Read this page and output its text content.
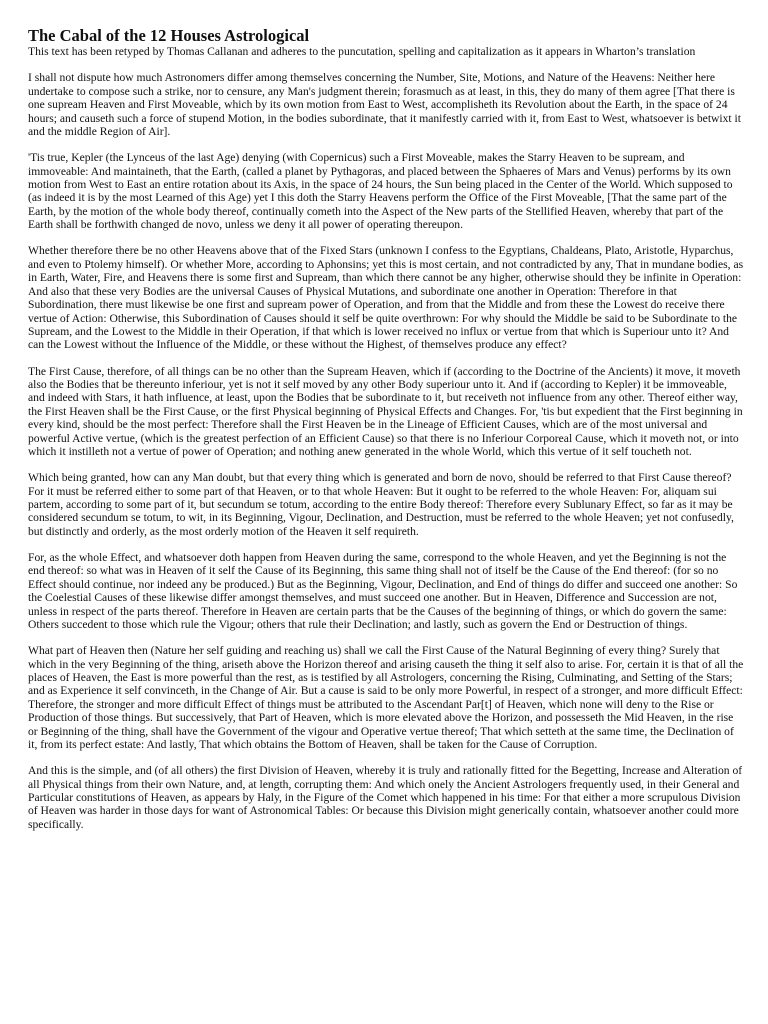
The Cabal of the 12 Houses Astrological

This text has been retyped by Thomas Callanan and adheres to the puncutation, spelling and capitalization as it appears in Wharton’s translation

I shall not dispute how much Astronomers differ among themselves concerning the Number, Site, Motions, and Nature of the Heavens: Neither here undertake to compose such a strike, nor to censure, any Man's judgment therein; forasmuch as at least, in this, they do many of them agree [That there is one supream Heaven and First Moveable, which by its own motion from East to West, accomplisheth its Revolution about the Earth, in the space of 24 hours; and causeth such a force of stupend Motion, in the bodies subordinate, that it manifestly carried with it, from East to West, whatsoever is betwixt it and the middle Region of Air].

'Tis true, Kepler (the Lynceus of the last Age) denying (with Copernicus) such a First Moveable, makes the Starry Heaven to be supream, and immoveable: And maintaineth, that the Earth, (called a planet by Pythagoras, and placed between the Sphaeres of Mars and Venus) performs by its own motion from West to East an entire rotation about its Axis, in the space of 24 hours, the Sun being placed in the Center of the World. Which supposed to (as indeed it is by the most Learned of this Age) yet I this doth the Starry Heavens perform the Office of the First Moveable, [That the same part of the Earth, by the motion of the whole body thereof, continually cometh into the Aspect of the New parts of the Stellified Heaven, whereby that part of the Earth shall be forthwith changed de novo, unless we deny it all power of operating thereupon.

Whether therefore there be no other Heavens above that of the Fixed Stars (unknown I confess to the Egyptians, Chaldeans, Plato, Aristotle, Hyparchus, and even to Ptolemy himself). Or whether More, according to Aphonsins; yet this is most certain, and not contradicted by any, That in mundane bodies, as in Earth, Water, Fire, and Heavens there is some first and Supream, than which there cannot be any higher, otherwise should they be infinite in Operation: And also that these very Bodies are the universal Causes of Physical Mutations, and subordinate one another in Operation: Therefore in that Subordination, there must likewise be one first and supream power of Operation, and from that the Middle and from these the Lowest do receive there vertue of Action: Otherwise, this Subordination of Causes should it self be quite overthrown: For why should the Middle be said to be Subordinate to the Supream, and the Lowest to the Middle in their Operation, if that which is lower received no influx or vertue from that which is Superiour unto it? And can the Lowest without the Influence of the Middle, or these without the Highest, of themselves produce any effect?

The First Cause, therefore, of all things can be no other than the Supream Heaven, which if (according to the Doctrine of the Ancients) it move, it moveth also the Bodies that be thereunto inferiour, yet is not it self moved by any other Body superiour unto it. And if (according to Kepler) it be immoveable, and indeed with Stars, it hath influence, at least, upon the Bodies that be subordinate to it, but receiveth not influence from any other. Thereof either way, the First Heaven shall be the First Cause, or the first Physical beginning of Physical Effects and Changes. For, 'tis but expedient that the First beginning in every kind, should be the most perfect: Therefore shall the First Heaven be in the Lineage of Efficient Causes, which are of the most universal and powerful Active vertue, (which is the greatest perfection of an Efficient Cause) so that there is no Inferiour Corporeal Cause, which it moveth not, or into which it instilleth not a vertue of power of Operation; and nothing anew generated in the whole World, which this vertue of it self toucheth not.

Which being granted, how can any Man doubt, but that every thing which is generated and born de novo, should be referred to that First Cause thereof? For it must be referred either to some part of that Heaven, or to that whole Heaven: But it ought to be referred to the whole Heaven: For, aliquam sui partem, according to some part of it, but secundum se totum, according to the entire Body thereof: Therefore every Sublunary Effect, so far as it may be considered secundum se totum, to wit, in its Beginning, Vigour, Declination, and Destruction, must be referred to the whole Heaven; yet not confusedly, but distinctly and orderly, as the most orderly motion of the Heaven it self requireth.

For, as the whole Effect, and whatsoever doth happen from Heaven during the same, correspond to the whole Heaven, and yet the Beginning is not the end thereof: so what was in Heaven of it self the Cause of its Beginning, this same thing shall not of itself be the Cause of the End thereof: (for so no Effect should continue, nor indeed any be produced.) But as the Beginning, Vigour, Declination, and End of things do differ and succeed one another: So the Coelestial Causes of these likewise differ amongst themselves, and must succeed one another. But in Heaven, Difference and Succession are not, unless in respect of the parts thereof. Therefore in Heaven are certain parts that be the Causes of the beginning of things, or which do govern the same: Others succedent to those which rule the Vigour; others that rule their Declination; and lastly, such as govern the End or Destruction of things.

What part of Heaven then (Nature her self guiding and reaching us) shall we call the First Cause of the Natural Beginning of every thing? Surely that which in the very Beginning of the thing, ariseth above the Horizon thereof and arising causeth the thing it self also to arise. For, certain it is that of all the places of Heaven, the East is more powerful than the rest, as is testified by all Astrologers, concerning the Rising, Culminating, and Setting of the Stars; and as Experience it self convinceth, in the Change of Air. But a cause is said to be only more Powerful, in respect of a stronger, and more difficult Effect: Therefore, the stronger and more difficult Effect of things must be attributed to the Ascendant Par[t] of Heaven, which none will deny to the Rise or Production of those things. But successively, that Part of Heaven, which is more elevated above the Horizon, and possesseth the Mid Heaven, in the rise or Beginning of the thing, shall have the Government of the vigour and Operative vertue thereof; That which setteth at the same time, the Declination of it, from its perfect estate: And lastly, That which obtains the Bottom of Heaven, shall be taken for the Cause of Corruption.

And this is the simple, and (of all others) the first Division of Heaven, whereby it is truly and rationally fitted for the Begetting, Increase and Alteration of all Physical things from their own Nature, and, at length, corrupting them: And which onely the Ancient Astrologers frequently used, in their General and Particular constitutions of Heaven, as appears by Haly, in the Figure of the Comet which happened in his time: For that either a more scrupulous Division of Heaven was harder in those days for want of Astronomical Tables: Or because this Division might generically contain, whatsoever another could more specifically.
